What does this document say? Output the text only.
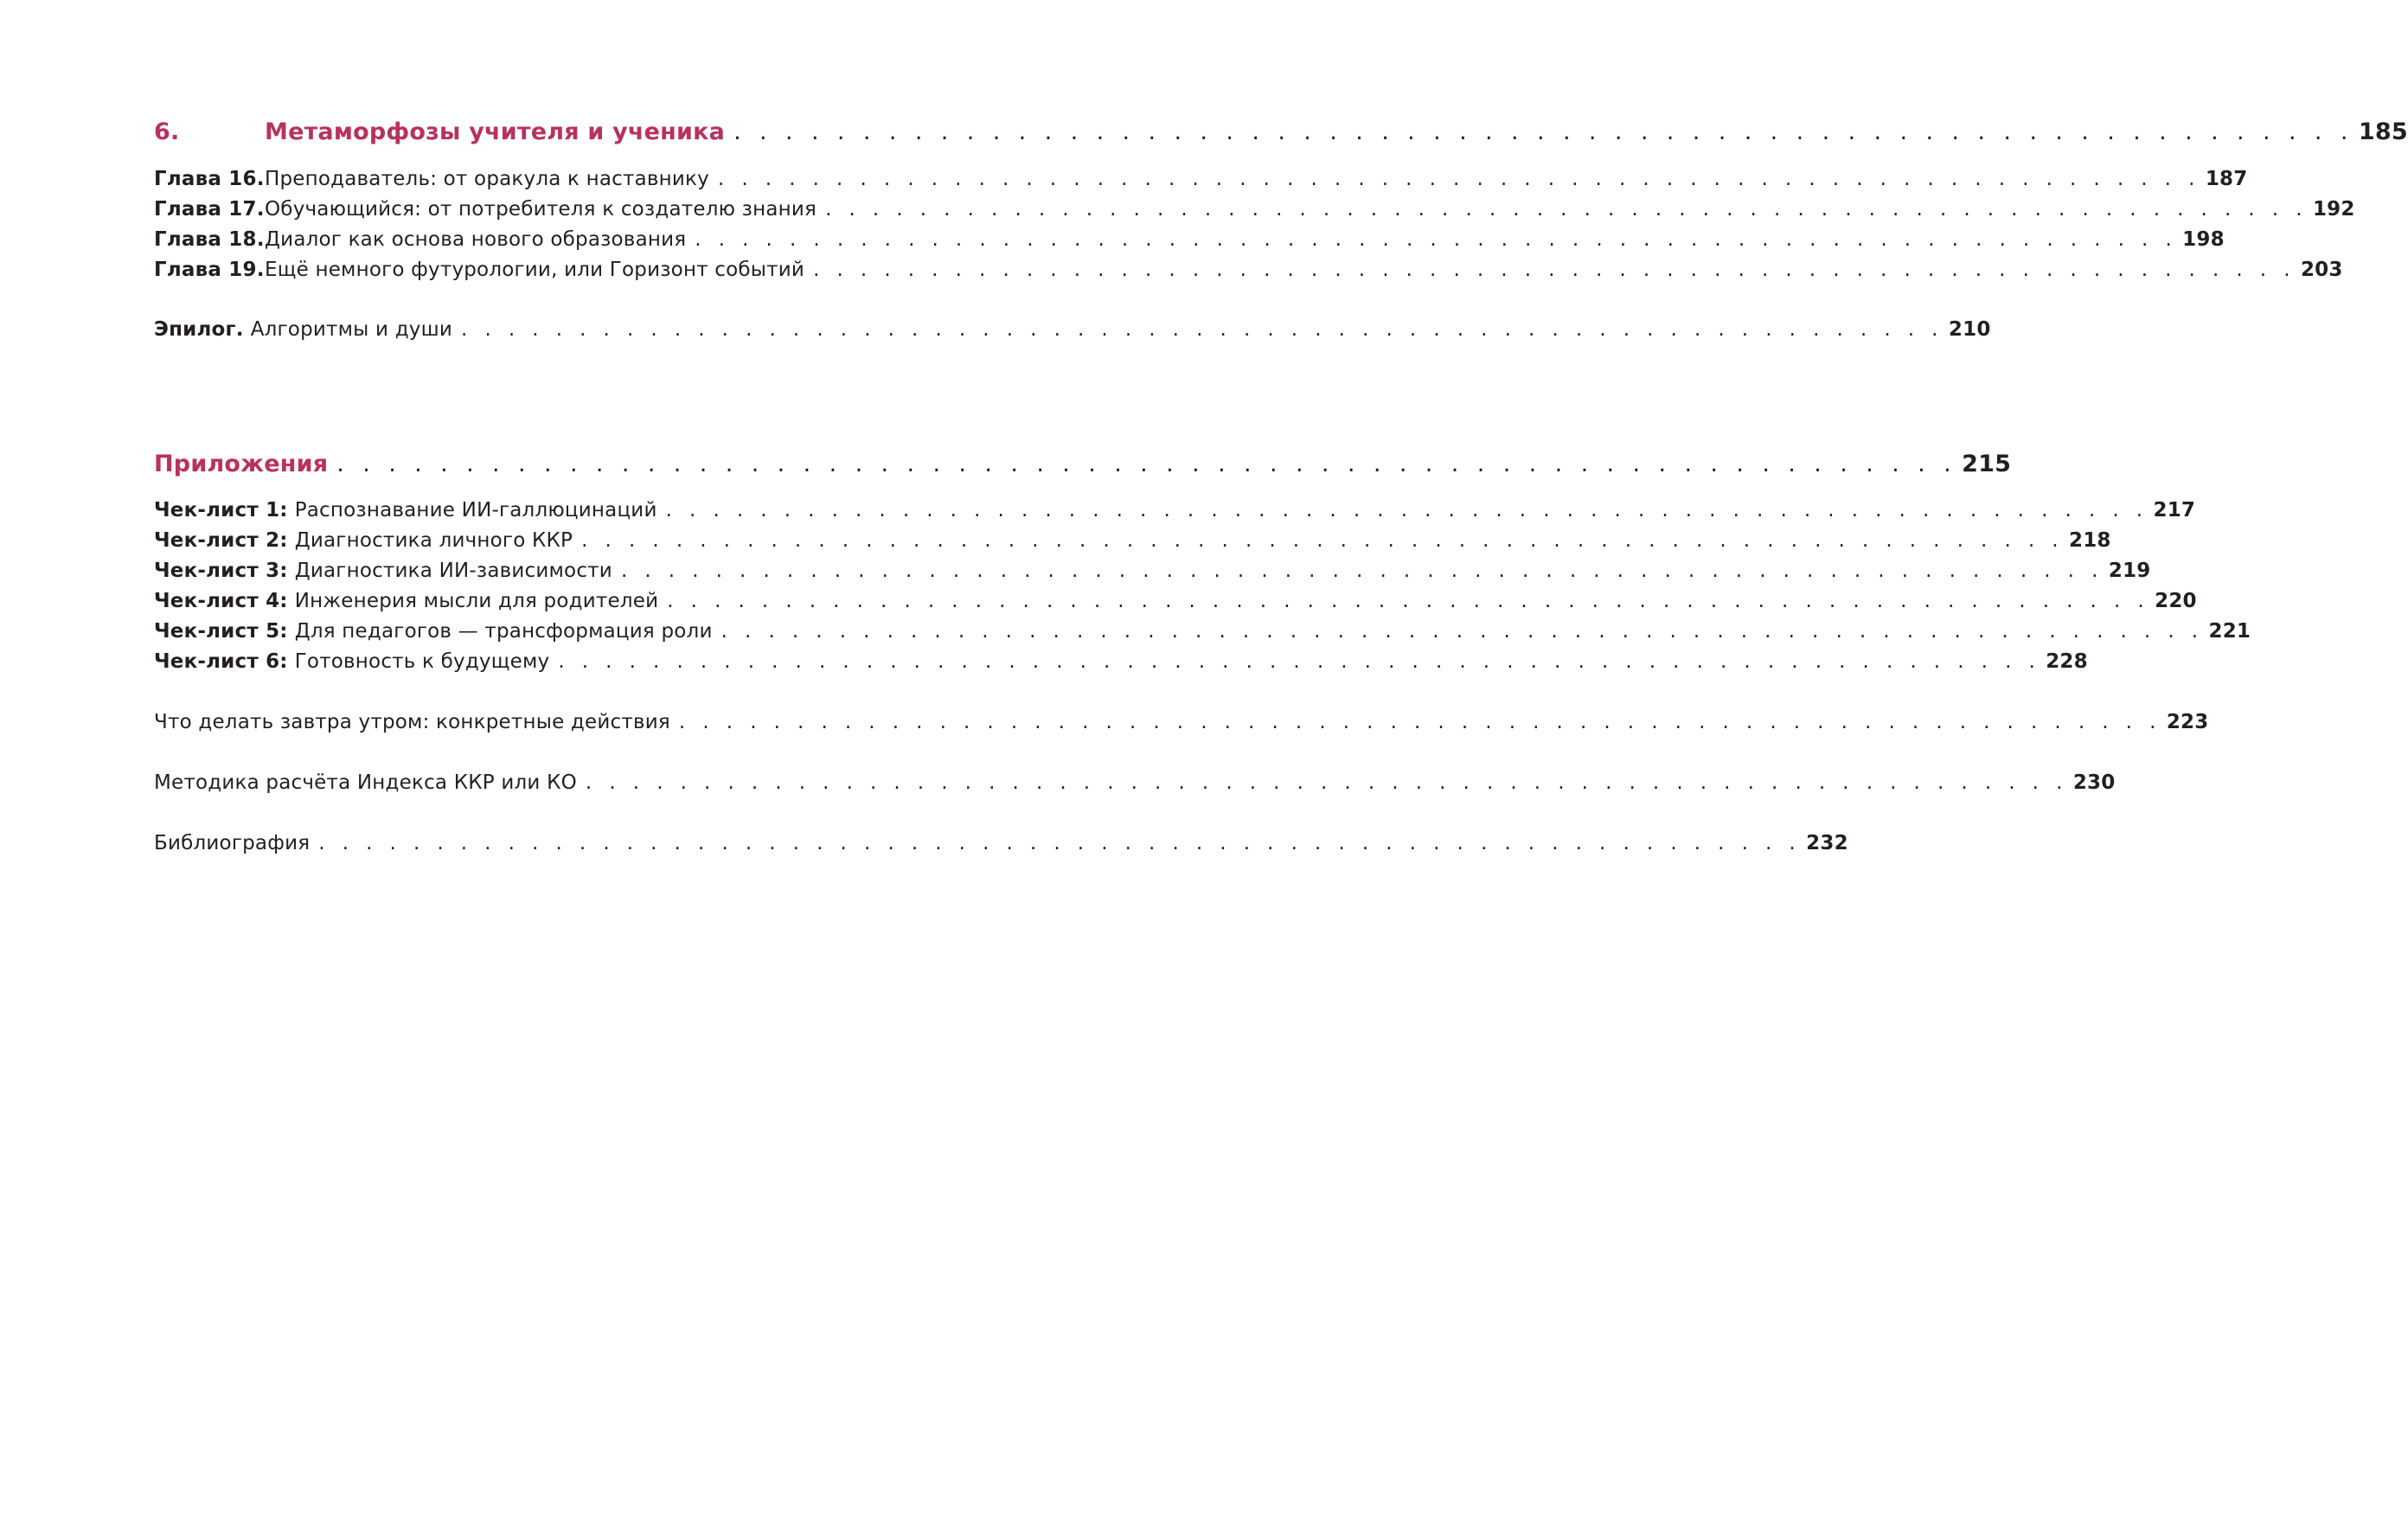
6.	Метаморфозы учителя и ученика . . . . . . . . . . . . . . . . . . . . . . . . . . . . . . . . . . . . . . . . . . . . . . . . . . . . . . . . . . . . . . . 185
Глава 16. Преподаватель: от оракула к наставнику . . . . . . . . . . . . . . . . . . . . . . . . . . . . . . . . . . . . . . . . . . . . . . . . . . . . . . . . . . . . . . . 187
Глава 17. Обучающийся: от потребителя к создателю знания . . . . . . . . . . . . . . . . . . . . . . . . . . . . . . . . . . . . . . . . . . . . . . . . . . . . . . . . . . . . . . . 192
Глава 18. Диалог как основа нового образования . . . . . . . . . . . . . . . . . . . . . . . . . . . . . . . . . . . . . . . . . . . . . . . . . . . . . . . . . . . . . . . 198
Глава 19. Ещё немного футурологии, или Горизонт событий . . . . . . . . . . . . . . . . . . . . . . . . . . . . . . . . . . . . . . . . . . . . . . . . . . . . . . . . . . . . . . . 203
Эпилог. Алгоритмы и души . . . . . . . . . . . . . . . . . . . . . . . . . . . . . . . . . . . . . . . . . . . . . . . . . . . . . . . . . . . . . . . 210
Приложения . . . . . . . . . . . . . . . . . . . . . . . . . . . . . . . . . . . . . . . . . . . . . . . . . . . . . . . . . . . . . . . 215
Чек-лист 1: Распознавание ИИ-галлюцинаций . . . . . . . . . . . . . . . . . . . . . . . . . . . . . . . . . . . . . . . . . . . . . . . . . . . . . . . . . . . . . . . 217
Чек-лист 2: Диагностика личного ККР . . . . . . . . . . . . . . . . . . . . . . . . . . . . . . . . . . . . . . . . . . . . . . . . . . . . . . . . . . . . . . . 218
Чек-лист 3: Диагностика ИИ-зависимости . . . . . . . . . . . . . . . . . . . . . . . . . . . . . . . . . . . . . . . . . . . . . . . . . . . . . . . . . . . . . . . 219
Чек-лист 4: Инженерия мысли для родителей . . . . . . . . . . . . . . . . . . . . . . . . . . . . . . . . . . . . . . . . . . . . . . . . . . . . . . . . . . . . . . . 220
Чек-лист 5: Для педагогов — трансформация роли . . . . . . . . . . . . . . . . . . . . . . . . . . . . . . . . . . . . . . . . . . . . . . . . . . . . . . . . . . . . . . . 221
Чек-лист 6: Готовность к будущему . . . . . . . . . . . . . . . . . . . . . . . . . . . . . . . . . . . . . . . . . . . . . . . . . . . . . . . . . . . . . . . 228
Что делать завтра утром: конкретные действия . . . . . . . . . . . . . . . . . . . . . . . . . . . . . . . . . . . . . . . . . . . . . . . . . . . . . . . . . . . . . . . 223
Методика расчёта Индекса ККР или КО . . . . . . . . . . . . . . . . . . . . . . . . . . . . . . . . . . . . . . . . . . . . . . . . . . . . . . . . . . . . . . . 230
Библиография . . . . . . . . . . . . . . . . . . . . . . . . . . . . . . . . . . . . . . . . . . . . . . . . . . . . . . . . . . . . . . . 232
